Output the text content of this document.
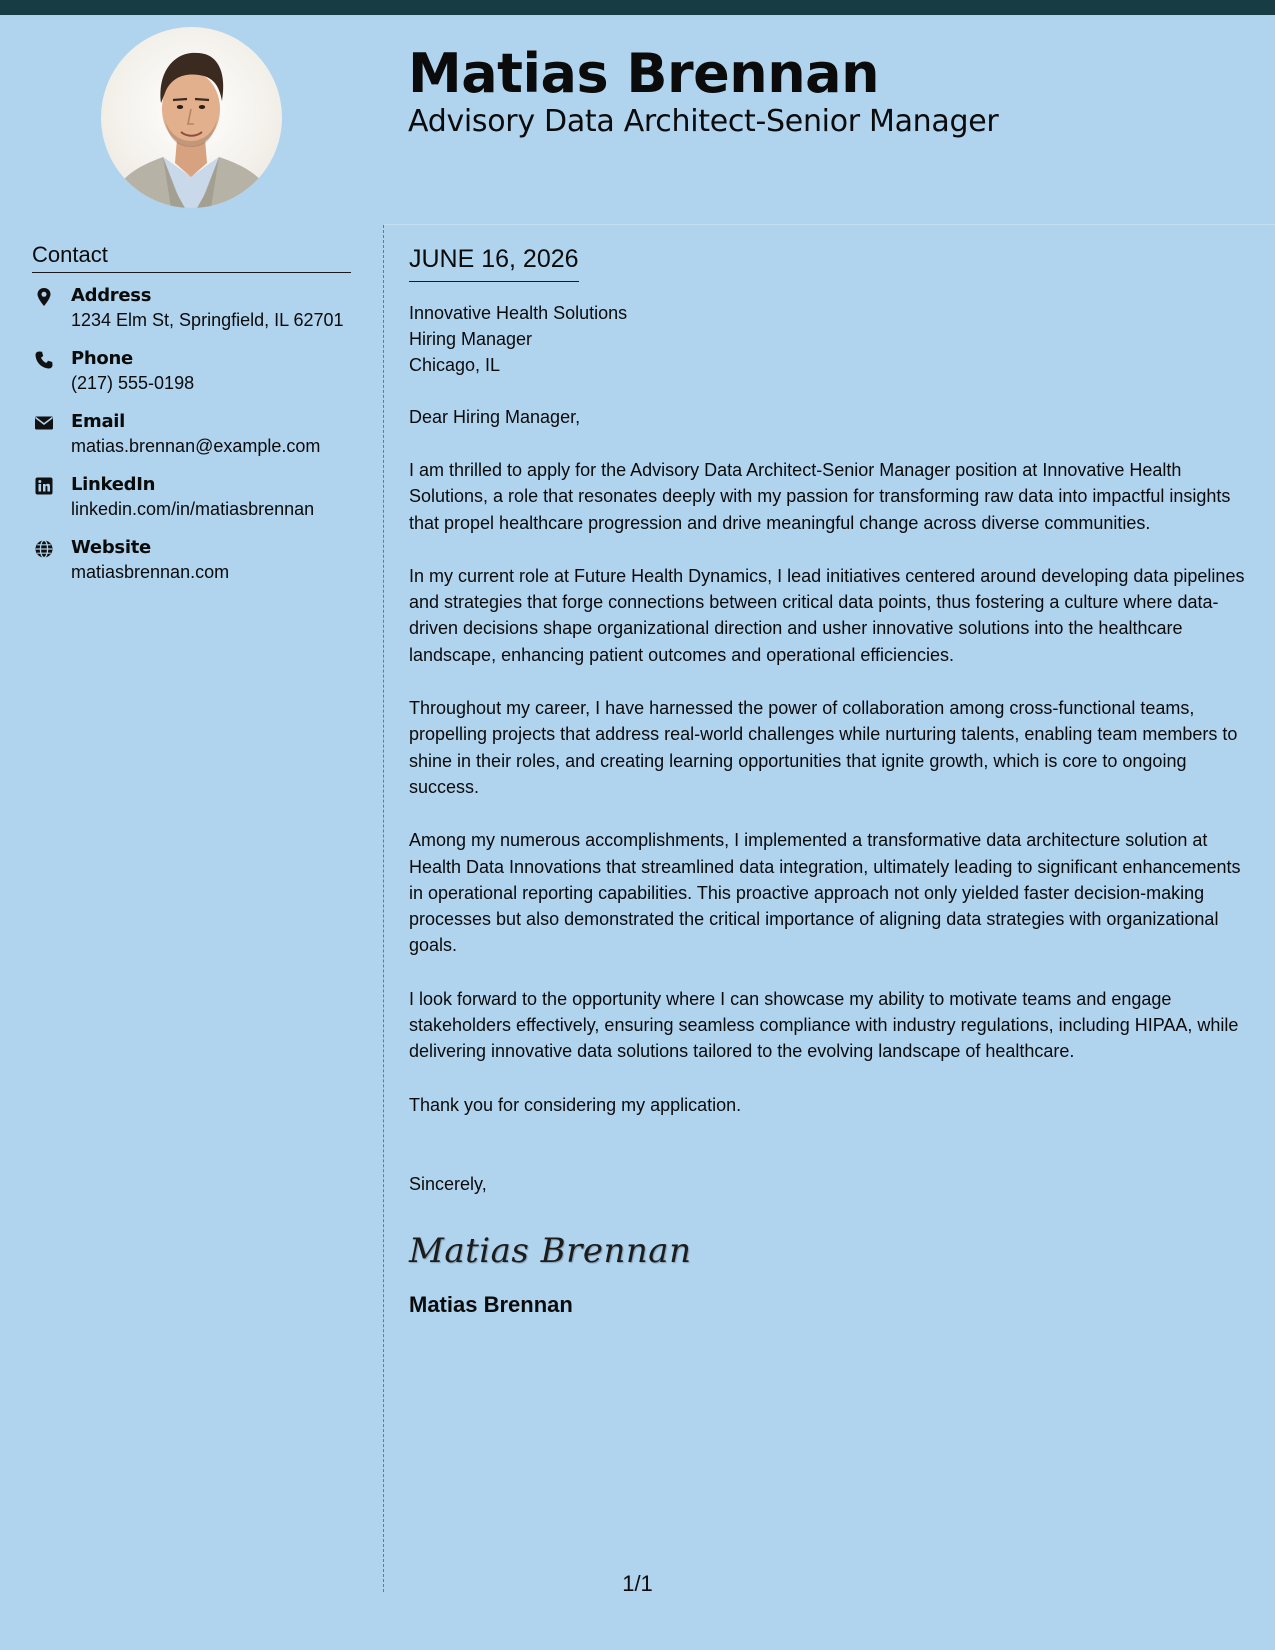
Matias Brennan
Advisory Data Architect-Senior Manager
Contact
Address
1234 Elm St, Springfield, IL 62701
Phone
(217) 555-0198
Email
matias.brennan@example.com
LinkedIn
linkedin.com/in/matiasbrennan
Website
matiasbrennan.com
JUNE 16, 2026
Innovative Health Solutions
Hiring Manager
Chicago, IL
Dear Hiring Manager,

I am thrilled to apply for the Advisory Data Architect-Senior Manager position at Innovative Health Solutions, a role that resonates deeply with my passion for transforming raw data into impactful insights that propel healthcare progression and drive meaningful change across diverse communities.

In my current role at Future Health Dynamics, I lead initiatives centered around developing data pipelines and strategies that forge connections between critical data points, thus fostering a culture where data-driven decisions shape organizational direction and usher innovative solutions into the healthcare landscape, enhancing patient outcomes and operational efficiencies.

Throughout my career, I have harnessed the power of collaboration among cross-functional teams, propelling projects that address real-world challenges while nurturing talents, enabling team members to shine in their roles, and creating learning opportunities that ignite growth, which is core to ongoing success.

Among my numerous accomplishments, I implemented a transformative data architecture solution at Health Data Innovations that streamlined data integration, ultimately leading to significant enhancements in operational reporting capabilities. This proactive approach not only yielded faster decision-making processes but also demonstrated the critical importance of aligning data strategies with organizational goals.

I look forward to the opportunity where I can showcase my ability to motivate teams and engage stakeholders effectively, ensuring seamless compliance with industry regulations, including HIPAA, while delivering innovative data solutions tailored to the evolving landscape of healthcare.

Thank you for considering my application.

Sincerely,
Matias Brennan
Matias Brennan
1/1
